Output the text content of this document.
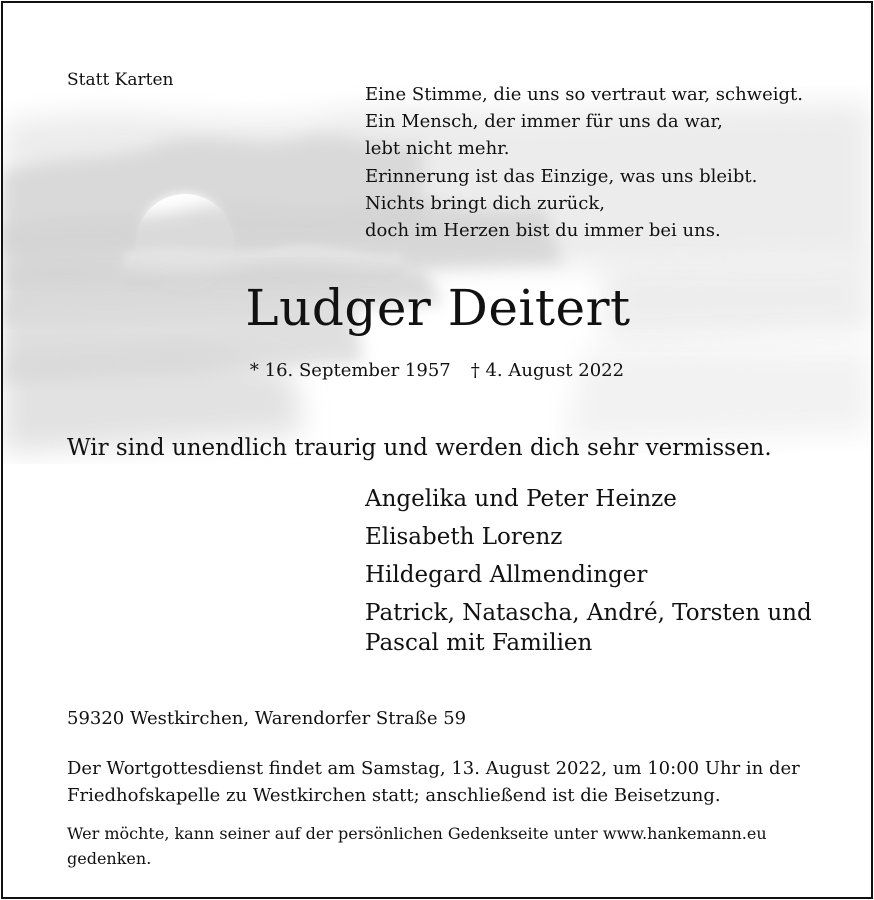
Statt Karten
Eine Stimme, die uns so vertraut war, schweigt.
Ein Mensch, der immer für uns da war,
lebt nicht mehr.
Erinnerung ist das Einzige, was uns bleibt.
Nichts bringt dich zurück,
doch im Herzen bist du immer bei uns.
Ludger Deitert
* 16. September 1957 † 4. August 2022
Wir sind unendlich traurig und werden dich sehr vermissen.
Angelika und Peter Heinze
Elisabeth Lorenz
Hildegard Allmendinger
Patrick, Natascha, André, Torsten und
Pascal mit Familien
59320 Westkirchen, Warendorfer Straße 59
Der Wortgottesdienst findet am Samstag, 13. August 2022, um 10:00 Uhr in der
Friedhofskapelle zu Westkirchen statt; anschließend ist die Beisetzung.
Wer möchte, kann seiner auf der persönlichen Gedenkseite unter www.hankemann.eu
gedenken.
